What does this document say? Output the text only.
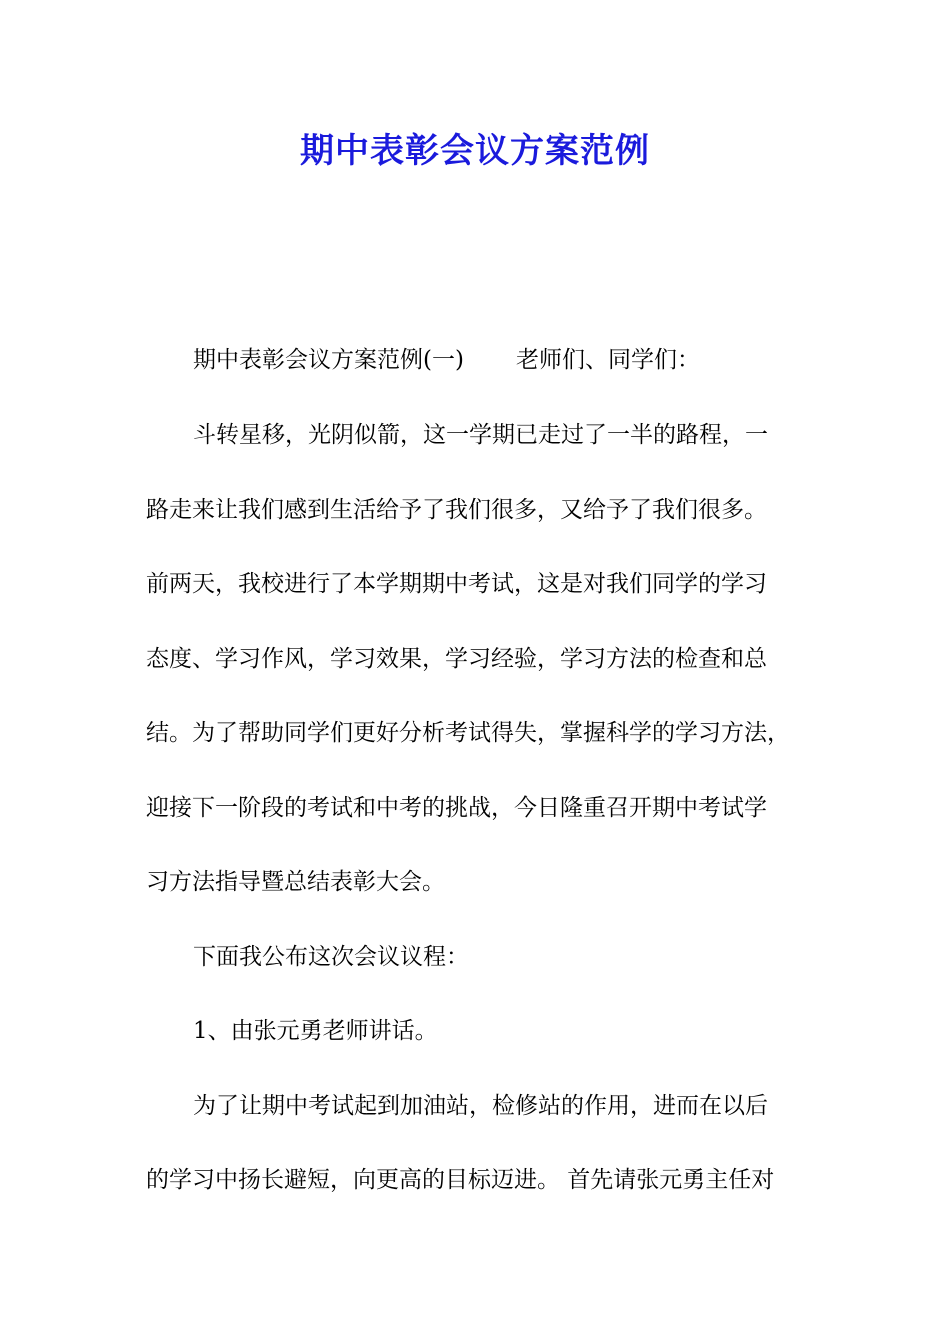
期中表彰会议方案范例
期中表彰会议方案范例(一) 老师们、同学们：
斗转星移，光阴似箭，这一学期已走过了一半的路程，一
路走来让我们感到生活给予了我们很多，又给予了我们很多。
前两天，我校进行了本学期期中考试，这是对我们同学的学习
态度、学习作风，学习效果，学习经验，学习方法的检查和总
结。为了帮助同学们更好分析考试得失，掌握科学的学习方法，
迎接下一阶段的考试和中考的挑战，今日隆重召开期中考试学
习方法指导暨总结表彰大会。
下面我公布这次会议议程：
1、由张元勇老师讲话。
为了让期中考试起到加油站，检修站的作用，进而在以后
的学习中扬长避短，向更高的目标迈进。 首先请张元勇主任对
